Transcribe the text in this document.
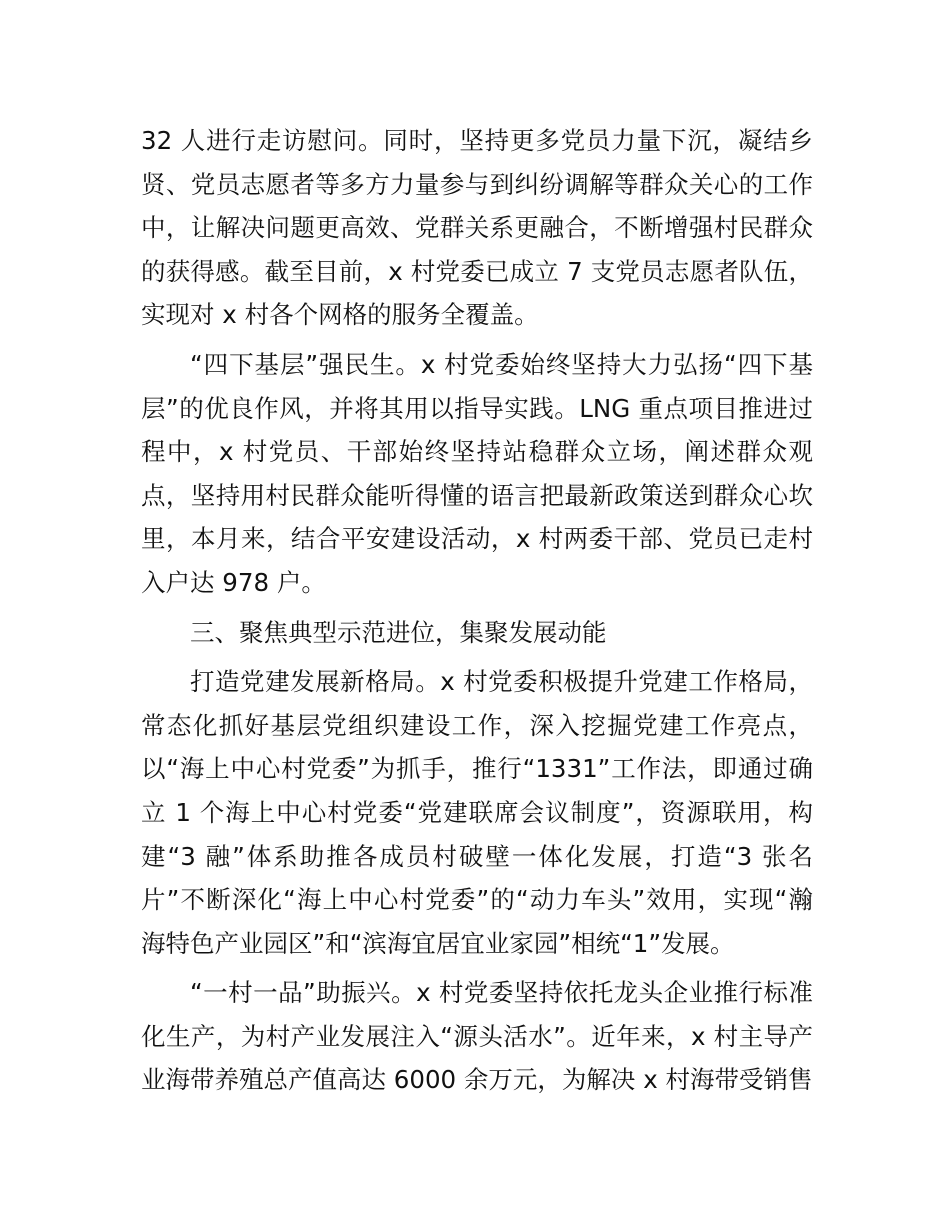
32 人进行走访慰问。同时，坚持更多党员力量下沉，凝结乡
贤、党员志愿者等多方力量参与到纠纷调解等群众关心的工作
中，让解决问题更高效、党群关系更融合，不断增强村民群众
的获得感。截至目前，x 村党委已成立 7 支党员志愿者队伍，
实现对 x 村各个网格的服务全覆盖。

“四下基层”强民生。x 村党委始终坚持大力弘扬“四下基
层”的优良作风，并将其用以指导实践。LNG 重点项目推进过
程中，x 村党员、干部始终坚持站稳群众立场，阐述群众观
点，坚持用村民群众能听得懂的语言把最新政策送到群众心坎
里，本月来，结合平安建设活动，x 村两委干部、党员已走村
入户达 978 户。

三、聚焦典型示范进位，集聚发展动能

打造党建发展新格局。x 村党委积极提升党建工作格局，
常态化抓好基层党组织建设工作，深入挖掘党建工作亮点，
以“海上中心村党委”为抓手，推行“1331”工作法，即通过确
立 1 个海上中心村党委“党建联席会议制度”，资源联用，构
建“3 融”体系助推各成员村破壁一体化发展，打造“3 张名
片”不断深化“海上中心村党委”的“动力车头”效用，实现“瀚
海特色产业园区”和“滨海宜居宜业家园”相统“1”发展。

“一村一品”助振兴。x 村党委坚持依托龙头企业推行标准
化生产，为村产业发展注入“源头活水”。近年来，x 村主导产
业海带养殖总产值高达 6000 余万元，为解决 x 村海带受销售
